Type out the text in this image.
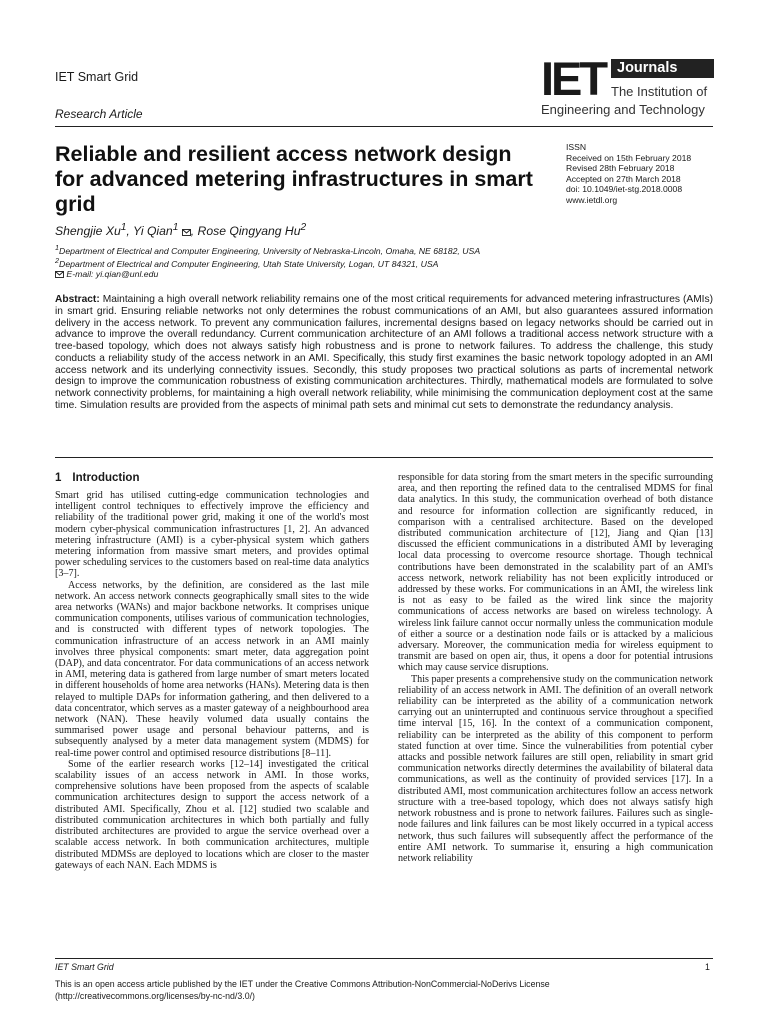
IET Smart Grid
Research Article
IET Journals
The Institution of
Engineering and Technology
Reliable and resilient access network design for advanced metering infrastructures in smart grid
ISSN
Received on 15th February 2018
Revised 28th February 2018
Accepted on 27th March 2018
doi: 10.1049/iet-stg.2018.0008
www.ietdl.org
Shengjie Xu$^1$, Yi Qian$^1$ , Rose Qingyang Hu$^2$
$^1$Department of Electrical and Computer Engineering, University of Nebraska-Lincoln, Omaha, NE 68182, USA
$^2$Department of Electrical and Computer Engineering, Utah State University, Logan, UT 84321, USA
E-mail: yi.qian@unl.edu
Abstract: Maintaining a high overall network reliability remains one of the most critical requirements for advanced metering infrastructures (AMIs) in smart grid. Ensuring reliable networks not only determines the robust communications of an AMI, but also guarantees assured information delivery in the access network. To prevent any communication failures, incremental designs based on legacy networks should be carried out in advance to improve the overall redundancy. Current communication architecture of an AMI follows a traditional access network structure with a tree-based topology, which does not always satisfy high robustness and is prone to network failures. To address the challenge, this study conducts a reliability study of the access network in an AMI. Specifically, this study first examines the basic network topology adopted in an AMI access network and its underlying connectivity issues. Secondly, this study proposes two practical solutions as parts of incremental network design to improve the communication robustness of existing communication architectures. Thirdly, mathematical models are formulated to solve network connectivity problems, for maintaining a high overall network reliability, while minimising the communication deployment cost at the same time. Simulation results are provided from the aspects of minimal path sets and minimal cut sets to demonstrate the redundancy analysis.
1 Introduction

Smart grid has utilised cutting-edge communication technologies and intelligent control techniques to effectively improve the efficiency and reliability of the traditional power grid, making it one of the world's most modern cyber-physical communication infrastructures [1, 2]. An advanced metering infrastructure (AMI) is a cyber-physical system which gathers metering information from massive smart meters, and provides optimal power scheduling services to the customers based on real-time data analytics [3–7].

Access networks, by the definition, are considered as the last mile network. An access network connects geographically small sites to the wide area networks (WANs) and major backbone networks. It comprises unique communication components, utilises various of communication technologies, and is constructed with different types of network topologies. The communication infrastructure of an access network in an AMI mainly involves three physical components: smart meter, data aggregation point (DAP), and data concentrator. For data communications of an access network in AMI, metering data is gathered from large number of smart meters located in different households of home area networks (HANs). Metering data is then relayed to multiple DAPs for information gathering, and then delivered to a data concentrator, which serves as a master gateway of a neighbourhood area network (NAN). These heavily volumed data usually contains the summarised power usage and personal behaviour patterns, and is subsequently analysed by a meter data management system (MDMS) for real-time power control and optimised resource distributions [8–11].

Some of the earlier research works [12–14] investigated the critical scalability issues of an access network in AMI. In those works, comprehensive solutions have been proposed from the aspects of scalable communication architectures design to support the access network of a distributed AMI. Specifically, Zhou et al. [12] studied two scalable and distributed communication architectures in which both partially and fully distributed architectures are provided to argue the service overhead over a scalable access network. In both communication architectures, multiple distributed MDMSs are deployed to locations which are closer to the master gateways of each NAN. Each MDMS is

responsible for data storing from the smart meters in the specific surrounding area, and then reporting the refined data to the centralised MDMS for final data analytics. In this study, the communication overhead of both distance and resource for information collection are significantly reduced, in comparison with a centralised architecture. Based on the developed distributed communication architecture of [12], Jiang and Qian [13] discussed the efficient communications in a distributed AMI by leveraging local data processing to overcome resource shortage. Though technical contributions have been demonstrated in the scalability part of an AMI's access network, network reliability has not been explicitly introduced or addressed by these works. For communications in an AMI, the wireless link is not as easy to be failed as the wired link since the majority communications of access networks are based on wireless technology. A wireless link failure cannot occur normally unless the communication module of either a source or a destination node fails or is attacked by a malicious adversary. Moreover, the communication media for wireless equipment to transmit are based on open air, thus, it opens a door for potential intrusions which may cause service disruptions.

This paper presents a comprehensive study on the communication network reliability of an access network in AMI. The definition of an overall network reliability can be interpreted as the ability of a communication network carrying out an uninterrupted and continuous service throughout a specified time interval [15, 16]. In the context of a communication component, reliability can be interpreted as the ability of this component to perform stated function at over time. Since the vulnerabilities from potential cyber attacks and possible network failures are still open, reliability in smart grid communication networks directly determines the availability of bilateral data communications, as well as the continuity of provided services [17]. In a distributed AMI, most communication architectures follow an access network structure with a tree-based topology, which does not always satisfy high network robustness and is prone to network failures. Failures such as single-node failures and link failures can be most likely occurred in a typical access network, thus such failures will subsequently affect the performance of the entire AMI network. To summarise it, ensuring a high communication network reliability

IET Smart Grid	1
This is an open access article published by the IET under the Creative Commons Attribution-NonCommercial-NoDerivs License
(http://creativecommons.org/licenses/by-nc-nd/3.0/)
